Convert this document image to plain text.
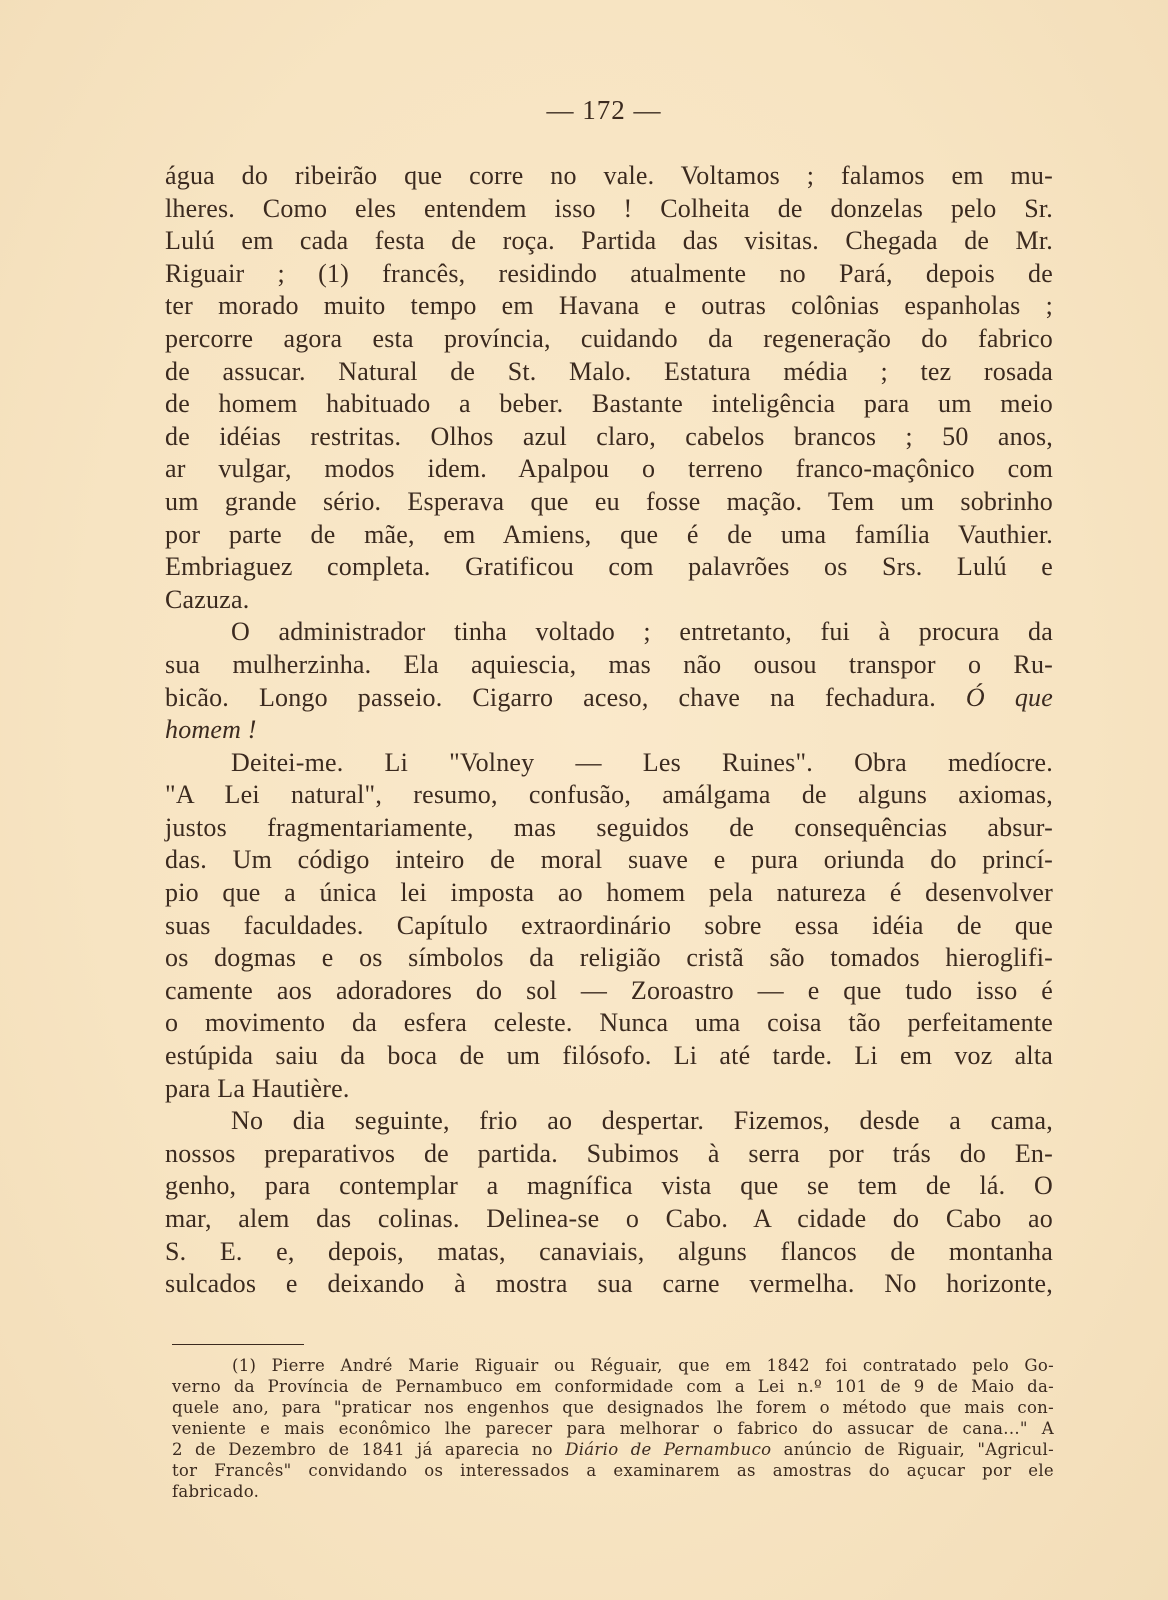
— 172 —
água do ribeirão que corre no vale. Voltamos ; falamos em mu-
lheres. Como eles entendem isso ! Colheita de donzelas pelo Sr.
Lulú em cada festa de roça. Partida das visitas. Chegada de Mr.
Riguair ; (1) francês, residindo atualmente no Pará, depois de
ter morado muito tempo em Havana e outras colônias espanholas ;
percorre agora esta província, cuidando da regeneração do fabrico
de assucar. Natural de St. Malo. Estatura média ; tez rosada
de homem habituado a beber. Bastante inteligência para um meio
de idéias restritas. Olhos azul claro, cabelos brancos ; 50 anos,
ar vulgar, modos idem. Apalpou o terreno franco-maçônico com
um grande sério. Esperava que eu fosse mação. Tem um sobrinho
por parte de mãe, em Amiens, que é de uma família Vauthier.
Embriaguez completa. Gratificou com palavrões os Srs. Lulú e
Cazuza.
O administrador tinha voltado ; entretanto, fui à procura da
sua mulherzinha. Ela aquiescia, mas não ousou transpor o Ru-
bicão. Longo passeio. Cigarro aceso, chave na fechadura. Ó que
homem !
Deitei-me. Li "Volney — Les Ruines". Obra medíocre.
"A Lei natural", resumo, confusão, amálgama de alguns axiomas,
justos fragmentariamente, mas seguidos de consequências absur-
das. Um código inteiro de moral suave e pura oriunda do princí-
pio que a única lei imposta ao homem pela natureza é desenvolver
suas faculdades. Capítulo extraordinário sobre essa idéia de que
os dogmas e os símbolos da religião cristã são tomados hieroglifi-
camente aos adoradores do sol — Zoroastro — e que tudo isso é
o movimento da esfera celeste. Nunca uma coisa tão perfeitamente
estúpida saiu da boca de um filósofo. Li até tarde. Li em voz alta
para La Hautière.
No dia seguinte, frio ao despertar. Fizemos, desde a cama,
nossos preparativos de partida. Subimos à serra por trás do En-
genho, para contemplar a magnífica vista que se tem de lá. O
mar, alem das colinas. Delinea-se o Cabo. A cidade do Cabo ao
S. E. e, depois, matas, canaviais, alguns flancos de montanha
sulcados e deixando à mostra sua carne vermelha. No horizonte,
(1) Pierre André Marie Riguair ou Réguair, que em 1842 foi contratado pelo Go-
verno da Província de Pernambuco em conformidade com a Lei n.º 101 de 9 de Maio da-
quele ano, para "praticar nos engenhos que designados lhe forem o método que mais con-
veniente e mais econômico lhe parecer para melhorar o fabrico do assucar de cana..." A
2 de Dezembro de 1841 já aparecia no Diário de Pernambuco anúncio de Riguair, "Agricul-
tor Francês" convidando os interessados a examinarem as amostras do açucar por ele
fabricado.
